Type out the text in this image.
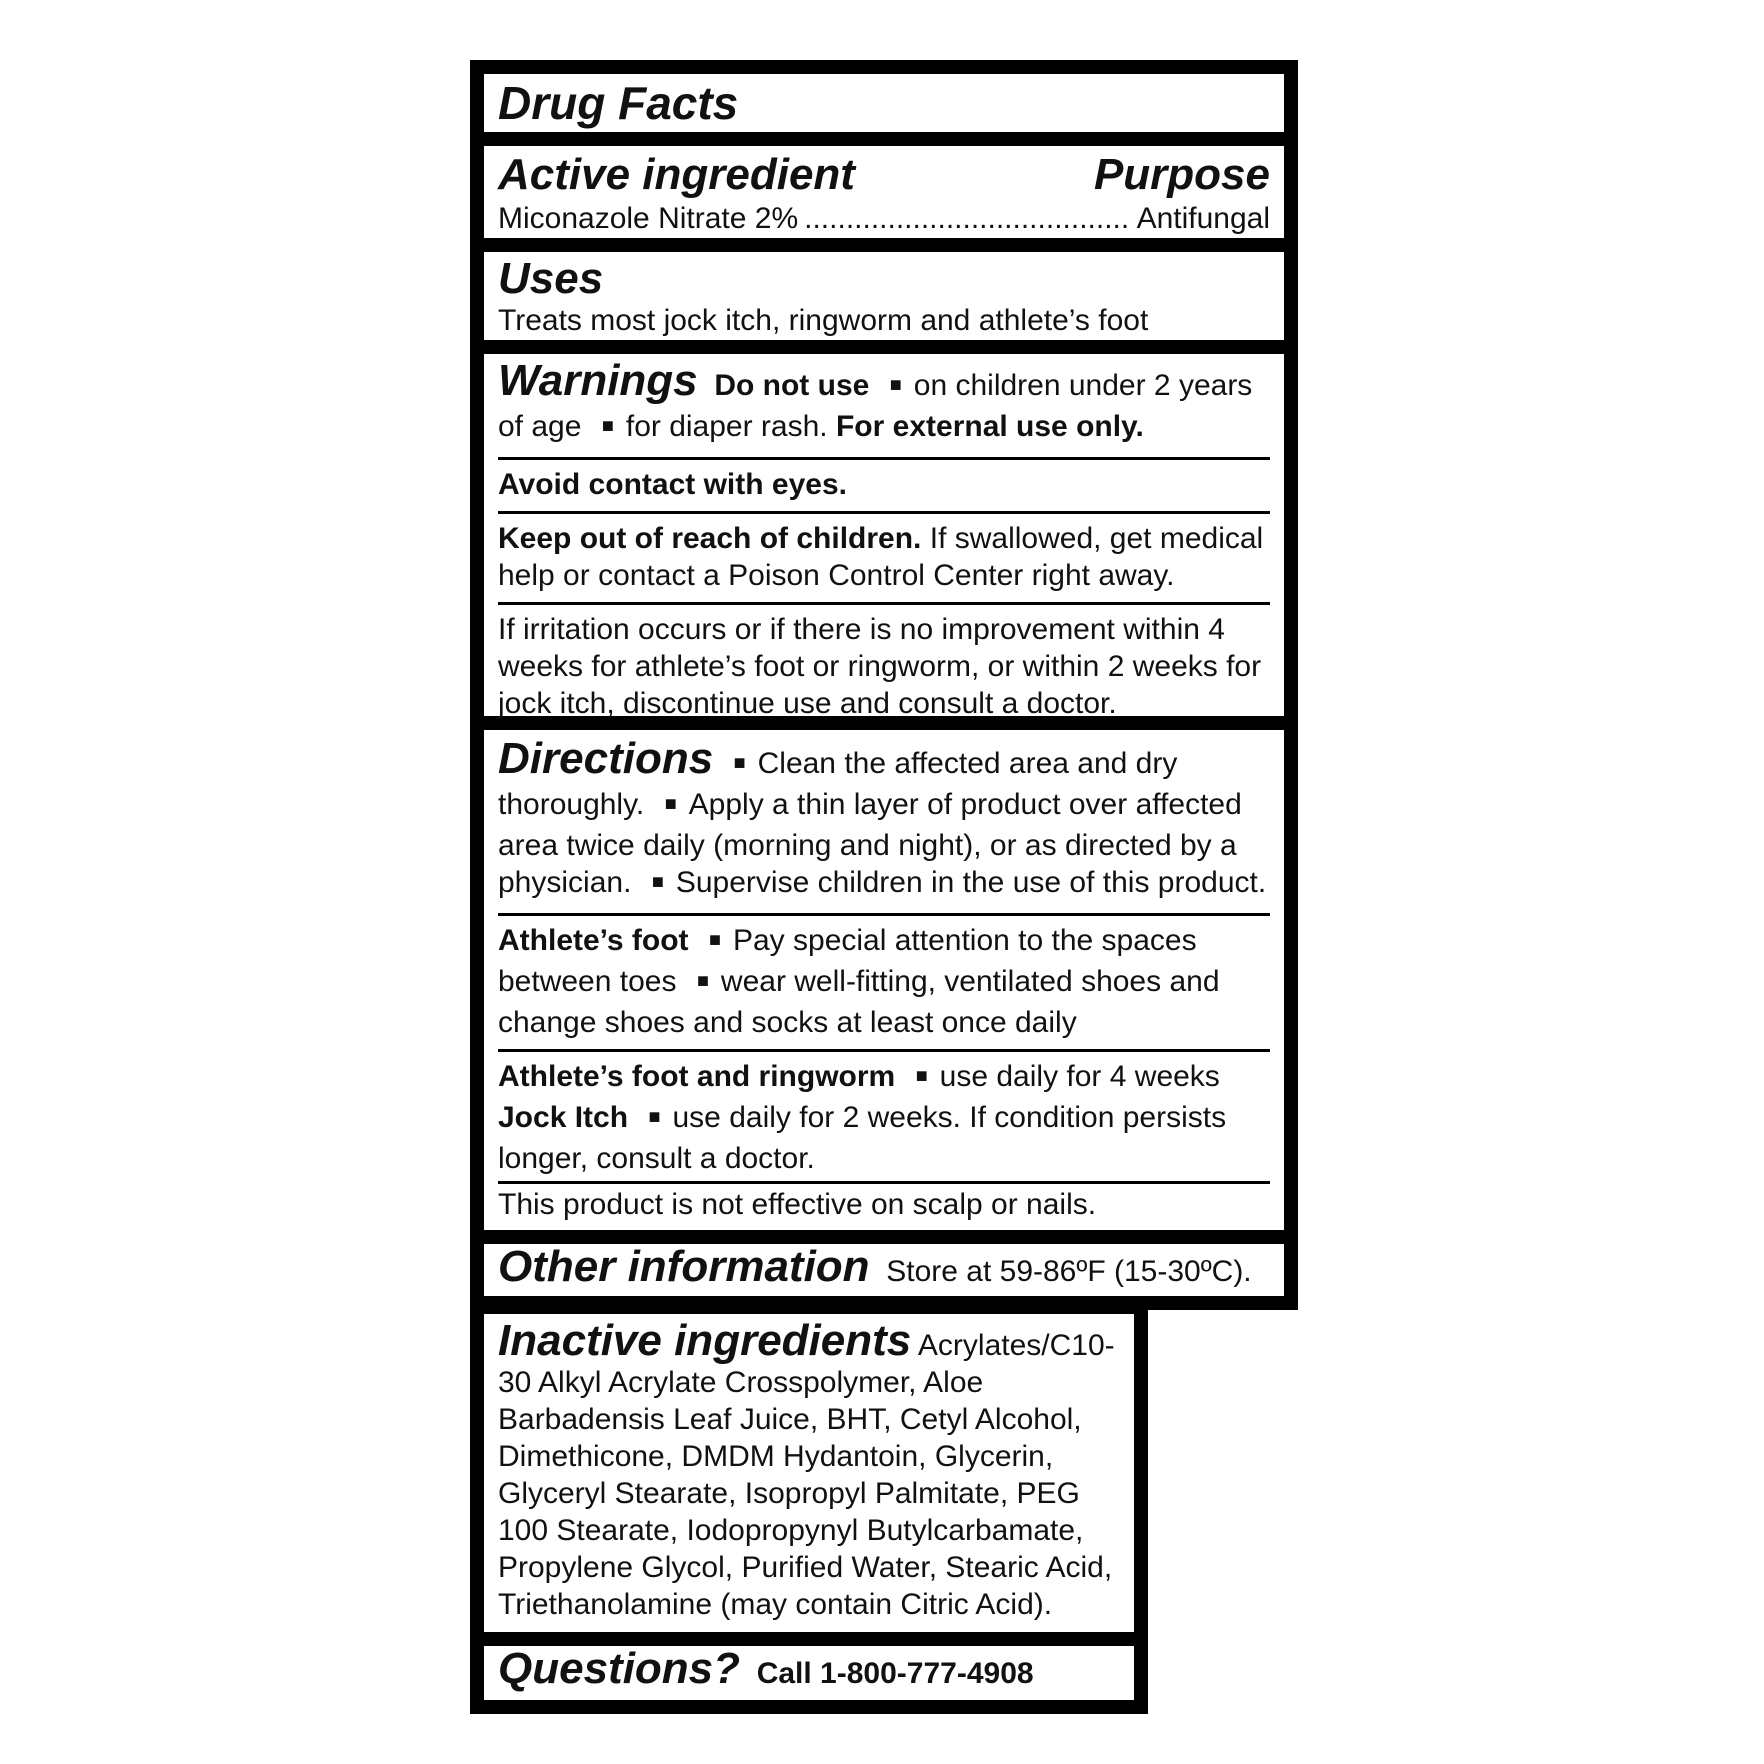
Drug Facts
Active ingredient	Purpose
Miconazole Nitrate 2%
.....	Antifungal
Uses

Treats most jock itch, ringworm and athlete’s foot

Warnings Do not use ■ on children under 2 years of age ■ for diaper rash. For external use only.

Avoid contact with eyes.

Keep out of reach of children. If swallowed, get medical help or contact a Poison Control Center right away.

If irritation occurs or if there is no improvement within 4 weeks for athlete’s foot or ringworm, or within 2 weeks for jock itch, discontinue use and consult a doctor.

Directions ■ Clean the affected area and dry thoroughly. ■ Apply a thin layer of product over affected area twice daily (morning and night), or as directed by a physician. ■ Supervise children in the use of this product.

Athlete’s foot ■ Pay special attention to the spaces between toes ■ wear well-fitting, ventilated shoes and change shoes and socks at least once daily

Athlete’s foot and ringworm ■ use daily for 4 weeks

Jock Itch ■ use daily for 2 weeks. If condition persists longer, consult a doctor.

This product is not effective on scalp or nails.

Other information Store at 59-86ºF (15-30ºC).

Inactive ingredients Acrylates/C10-30 Alkyl Acrylate Crosspolymer, Aloe Barbadensis Leaf Juice, BHT, Cetyl Alcohol, Dimethicone, DMDM Hydantoin, Glycerin, Glyceryl Stearate, Isopropyl Palmitate, PEG 100 Stearate, Iodopropynyl Butylcarbamate, Propylene Glycol, Purified Water, Stearic Acid, Triethanolamine (may contain Citric Acid).

Questions? Call 1-800-777-4908
